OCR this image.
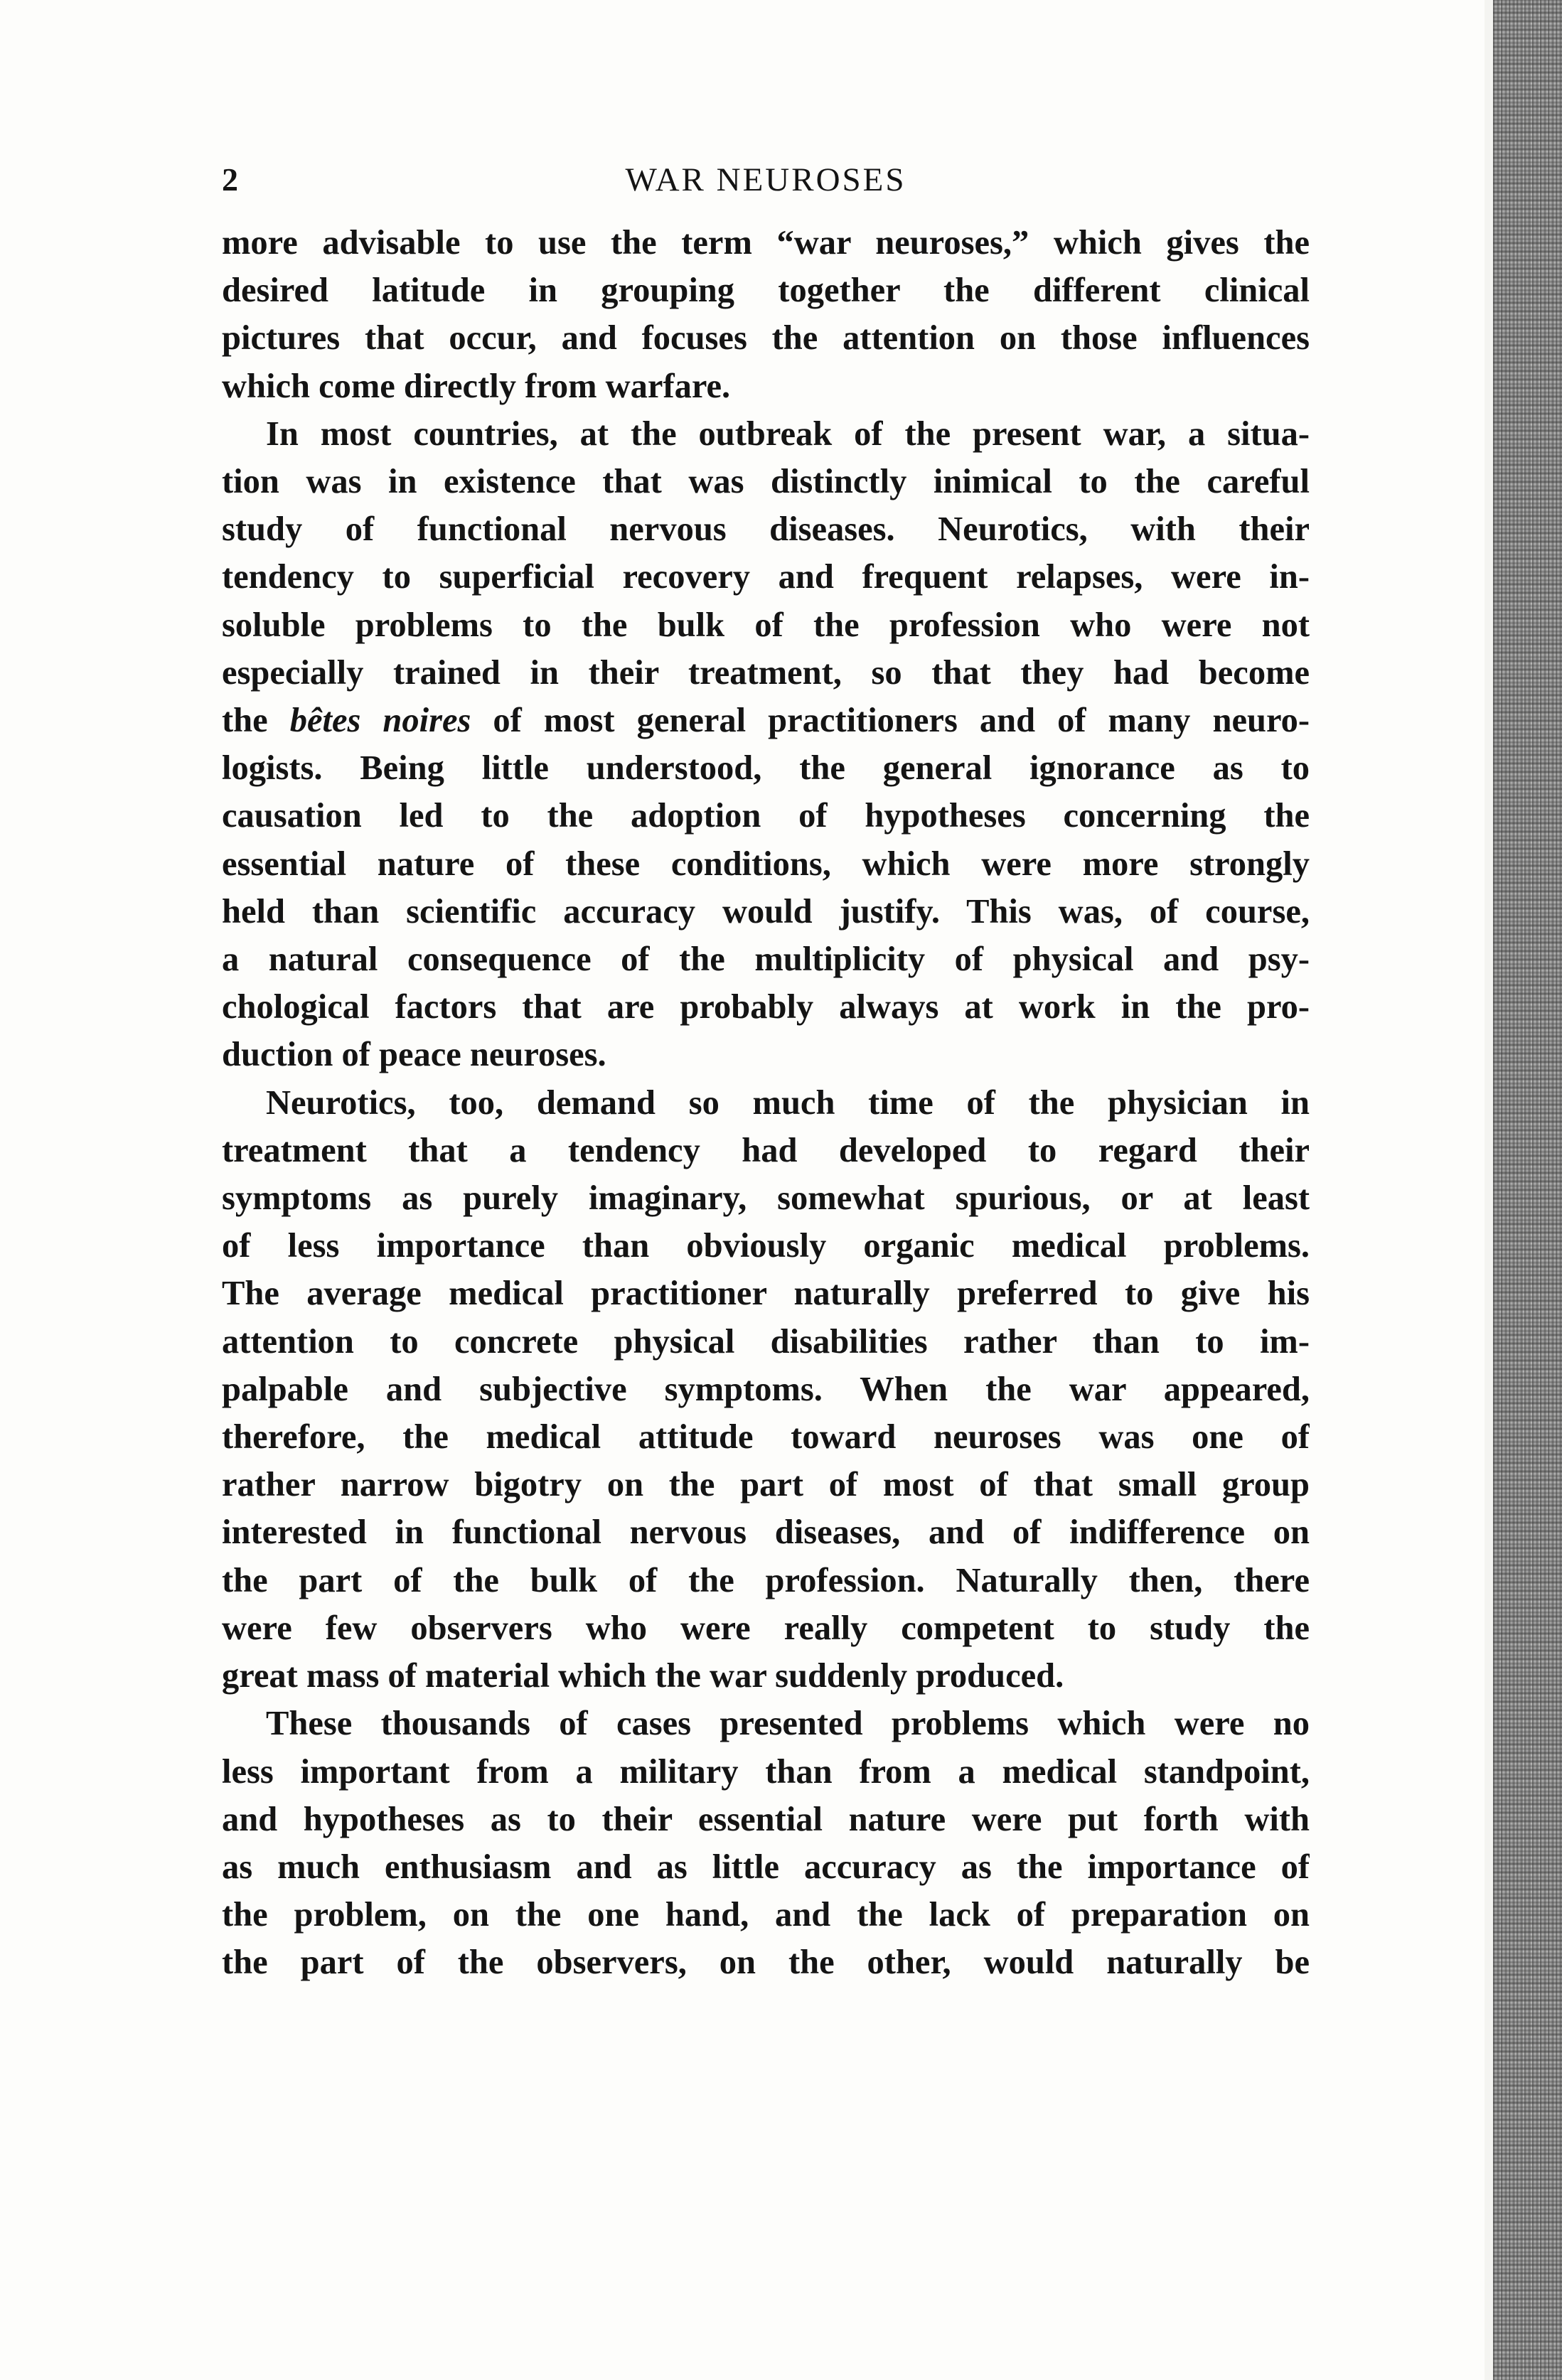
2	WAR NEUROSES

more advisable to use the term “war neuroses,” which gives the
desired latitude in grouping together the different clinical
pictures that occur, and focuses the attention on those influences
which come directly from warfare.

In most countries, at the outbreak of the present war, a situa-
tion was in existence that was distinctly inimical to the careful
study of functional nervous diseases. Neurotics, with their
tendency to superficial recovery and frequent relapses, were in-
soluble problems to the bulk of the profession who were not
especially trained in their treatment, so that they had become
the bêtes noires of most general practitioners and of many neuro-
logists. Being little understood, the general ignorance as to
causation led to the adoption of hypotheses concerning the
essential nature of these conditions, which were more strongly
held than scientific accuracy would justify. This was, of course,
a natural consequence of the multiplicity of physical and psy-
chological factors that are probably always at work in the pro-
duction of peace neuroses.

Neurotics, too, demand so much time of the physician in
treatment that a tendency had developed to regard their
symptoms as purely imaginary, somewhat spurious, or at least
of less importance than obviously organic medical problems.
The average medical practitioner naturally preferred to give his
attention to concrete physical disabilities rather than to im-
palpable and subjective symptoms. When the war appeared,
therefore, the medical attitude toward neuroses was one of
rather narrow bigotry on the part of most of that small group
interested in functional nervous diseases, and of indifference on
the part of the bulk of the profession. Naturally then, there
were few observers who were really competent to study the
great mass of material which the war suddenly produced.

These thousands of cases presented problems which were no
less important from a military than from a medical standpoint,
and hypotheses as to their essential nature were put forth with
as much enthusiasm and as little accuracy as the importance of
the problem, on the one hand, and the lack of preparation on
the part of the observers, on the other, would naturally be
